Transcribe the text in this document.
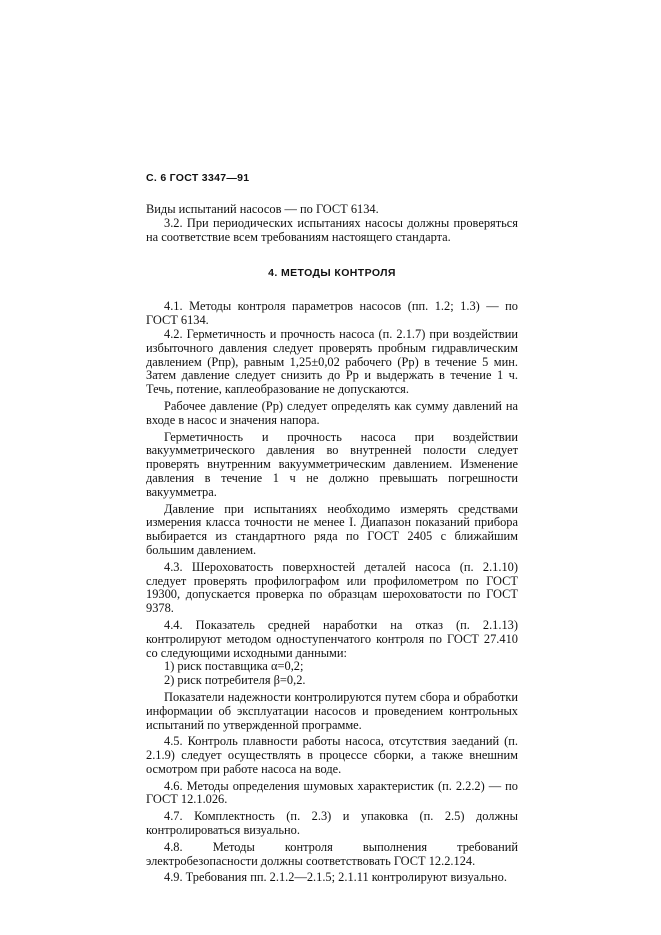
С. 6 ГОСТ 3347—91

Виды испытаний насосов — по ГОСТ 6134.

3.2. При периодических испытаниях насосы должны проверяться на соответствие всем требованиям настоящего стандарта.

4. МЕТОДЫ КОНТРОЛЯ

4.1. Методы контроля параметров насосов (пп. 1.2; 1.3) — по ГОСТ 6134.

4.2. Герметичность и прочность насоса (п. 2.1.7) при воздействии избыточного давления следует проверять пробным гидравлическим давлением (Pпр), равным 1,25±0,02 рабочего (Pр) в течение 5 мин. Затем давление следует снизить до Pр и выдержать в течение 1 ч. Течь, потение, каплеобразование не допускаются.

Рабочее давление (Pр) следует определять как сумму давлений на входе в насос и значения напора.

Герметичность и прочность насоса при воздействии вакуумметрического давления во внутренней полости следует проверять внутренним вакуумметрическим давлением. Изменение давления в течение 1 ч не должно превышать погрешности вакуумметра.

Давление при испытаниях необходимо измерять средствами измерения класса точности не менее I. Диапазон показаний прибора выбирается из стандартного ряда по ГОСТ 2405 с ближайшим большим давлением.

4.3. Шероховатость поверхностей деталей насоса (п. 2.1.10) следует проверять профилографом или профилометром по ГОСТ 19300, допускается проверка по образцам шероховатости по ГОСТ 9378.

4.4. Показатель средней наработки на отказ (п. 2.1.13) контролируют методом одноступенчатого контроля по ГОСТ 27.410 со следующими исходными данными:

1) риск поставщика α=0,2;

2) риск потребителя β=0,2.

Показатели надежности контролируются путем сбора и обработки информации об эксплуатации насосов и проведением контрольных испытаний по утвержденной программе.

4.5. Контроль плавности работы насоса, отсутствия заеданий (п. 2.1.9) следует осуществлять в процессе сборки, а также внешним осмотром при работе насоса на воде.

4.6. Методы определения шумовых характеристик (п. 2.2.2) — по ГОСТ 12.1.026.

4.7. Комплектность (п. 2.3) и упаковка (п. 2.5) должны контролироваться визуально.

4.8. Методы контроля выполнения требований электробезопасности должны соответствовать ГОСТ 12.2.124.

4.9. Требования пп. 2.1.2—2.1.5; 2.1.11 контролируют визуально.
